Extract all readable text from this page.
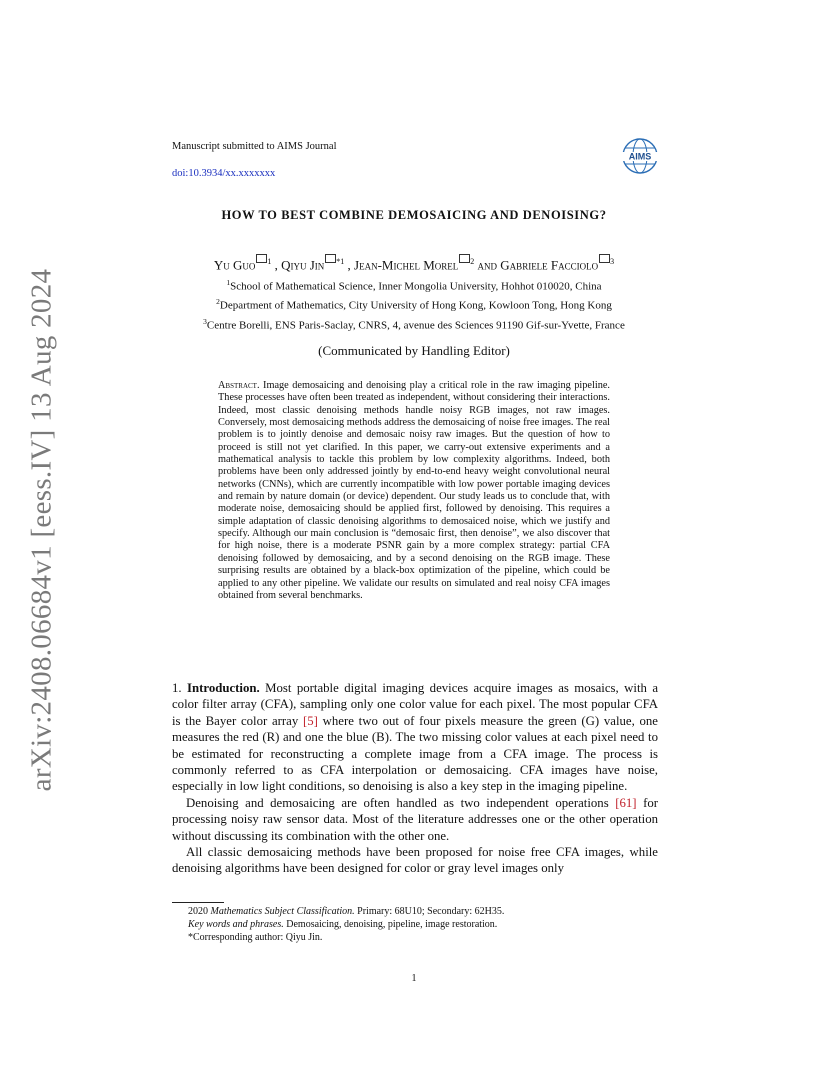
arXiv:2408.06684v1 [eess.IV] 13 Aug 2024
Manuscript submitted to AIMS Journal
doi:10.3934/xx.xxxxxxx
AIMS
HOW TO BEST COMBINE DEMOSAICING AND DENOISING?
Yu Guo $^1$ , Qiyu Jin $^{*1}$ , Jean-Michel Morel $^2$ and Gabriele Facciolo $^3$
$^1$School of Mathematical Science, Inner Mongolia University, Hohhot 010020, China
$^2$Department of Mathematics, City University of Hong Kong, Kowloon Tong, Hong Kong
$^3$Centre Borelli, ENS Paris-Saclay, CNRS, 4, avenue des Sciences 91190 Gif-sur-Yvette, France
(Communicated by Handling Editor)
Abstract. Image demosaicing and denoising play a critical role in the raw imaging pipeline. These processes have often been treated as independent, without considering their interactions. Indeed, most classic denoising methods handle noisy RGB images, not raw images. Conversely, most demosaicing methods address the demosaicing of noise free images. The real problem is to jointly denoise and demosaic noisy raw images. But the question of how to proceed is still not yet clarified. In this paper, we carry-out extensive experiments and a mathematical analysis to tackle this problem by low complexity algorithms. Indeed, both problems have been only addressed jointly by end-to-end heavy weight convolutional neural networks (CNNs), which are currently incompatible with low power portable imaging devices and remain by nature domain (or device) dependent. Our study leads us to conclude that, with moderate noise, demosaicing should be applied first, followed by denoising. This requires a simple adaptation of classic denoising algorithms to demosaiced noise, which we justify and specify. Although our main conclusion is “demosaic first, then denoise”, we also discover that for high noise, there is a moderate PSNR gain by a more complex strategy: partial CFA denoising followed by demosaicing, and by a second denoising on the RGB image. These surprising results are obtained by a black-box optimization of the pipeline, which could be applied to any other pipeline. We validate our results on simulated and real noisy CFA images obtained from several benchmarks.

1. Introduction. Most portable digital imaging devices acquire images as mosaics, with a color filter array (CFA), sampling only one color value for each pixel. The most popular CFA is the Bayer color array [5] where two out of four pixels measure the green (G) value, one measures the red (R) and one the blue (B). The two missing color values at each pixel need to be estimated for reconstructing a complete image from a CFA image. The process is commonly referred to as CFA interpolation or demosaicing. CFA images have noise, especially in low light conditions, so denoising is also a key step in the imaging pipeline.

Denoising and demosaicing are often handled as two independent operations [61] for processing noisy raw sensor data. Most of the literature addresses one or the other operation without discussing its combination with the other one.

All classic demosaicing methods have been proposed for noise free CFA images, while denoising algorithms have been designed for color or gray level images only

2020 Mathematics Subject Classification. Primary: 68U10; Secondary: 62H35.
Key words and phrases. Demosaicing, denoising, pipeline, image restoration.
*Corresponding author: Qiyu Jin.
1
